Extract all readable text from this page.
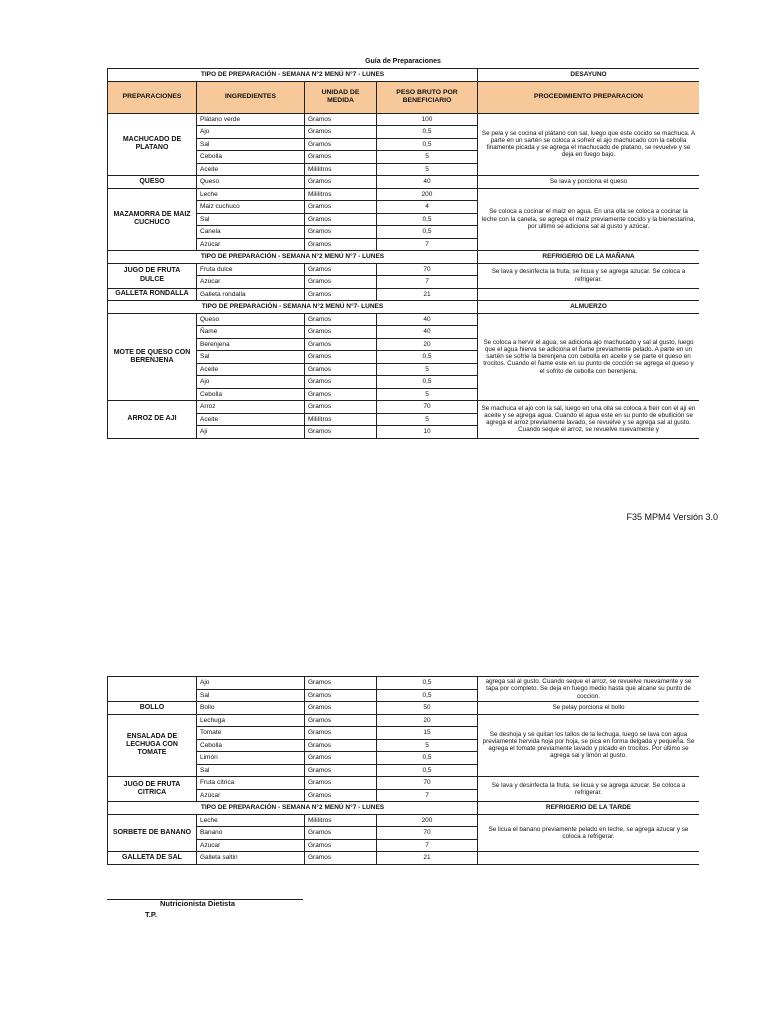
Guía de Preparaciones
TIPO DE PREPARACIÓN - SEMANA N°2 MENÚ N°7 - LUNES				DESAYUNO
PREPARACIONES	INGREDIENTES	UNIDAD DE MEDIDA	PESO BRUTO POR BENEFICIARIO	PROCEDIMIENTO PREPARACION
MACHUCADO DE PLATANO	Plátano verde	Gramos	100	Se pela y se cocina el plátano con sal, luego que este cocido se machuca. A parte en un sartén se coloca a sofreír el ajo machucado con la cebolla finamente picada y se agrega el machucado de platano, se revuelve y se deja en fuego bajo.
	Ajo	Gramos	0,5	
	Sal	Gramos	0,5	
	Cebolla	Gramos	5	
	Aceite	Mililitros	5	
QUESO	Queso	Gramos	40	Se lava y porciona el queso
MAZAMORRA DE MAIZ CUCHUCO	Leche	Mililitros	200	Se coloca a cocinar el maíz en agua. En una olla se coloca a cocinar la leche con la canela, se agrega el maíz previamente cocido y la bienestarina, por ultimo se adiciona sal al gusto y azúcar.
	Maiz cuchuco	Gramos	4	
	Sal	Gramos	0,5	
	Canela	Gramos	0,5	
	Azúcar	Gramos	7	
TIPO DE PREPARACIÓN - SEMANA N°2 MENÚ N°7 - LUNES				REFRIGERIO DE LA MAÑANA
JUGO DE FRUTA DULCE	Fruta dulce	Gramos	70	Se lava y desinfecta la fruta, se licua y se agrega azucar. Se coloca a refrigerar.
	Azúcar	Gramos	7	
GALLETA RONDALLA	Galleta rondalla	Gramos	21	
TIPO DE PREPARACIÓN - SEMANA N°2 MENÚ N°7- LUNES				ALMUERZO
MOTE DE QUESO CON BERENJENA	Queso	Gramos	40	Se coloca a hervir el agua, se adiciona ajo machucado y sal al gusto, luego que el agua hierva se adiciona el ñame previamente pelado. A parte en un sartén se sofríe la berenjena con cebolla en aceite y se parte el queso en trocitos. Cuando el ñame este en su punto de cocción se agrega el queso y el sofrito de cebolla con berenjena.
	Ñame	Gramos	40	
	Berenjena	Gramos	20	
	Sal	Gramos	0,5	
	Aceite	Gramos	5	
	Ajo	Gramos	0,5	
	Cebolla	Gramos	5	
ARROZ DE AJI	Arroz	Gramos	70	Se machuca el ajo con la sal, luego en una olla se coloca a freír con el ají en aceite y se agrega agua. Cuando el agua este en su punto de ebullición se agrega el arroz previamente lavado, se revuelve y se agrega sal al gusto. Cuando seque el arroz, se revuelve nuevamente y
	Aceite	Mililitros	5	
	Aji	Gramos	10	
F35 MPM4 Versión 3.0
	Ajo	Gramos	0,5	agrega sal al gusto. Cuando seque el arroz, se revuelve nuevamente y se tapa por completo. Se deja en fuego medio hasta que alcane su punto de coccion.
	Sal	Gramos	0,5	
BOLLO	Bollo	Gramos	50	Se pelay porciona el bollo
ENSALADA DE LECHUGA CON TOMATE	Lechuga	Gramos	20	Se deshoja y se quitan los tallos de la lechuga, luego se lava con agua previamente hervida hoja por hoja, se pica en forma delgada y pequeña. Se agrega el tomate previamente lavado y picado en trocitos. Por último se agrega sal y limón al gusto.
	Tomate	Gramos	15	
	Cebolla	Gramos	5	
	Limón	Gramos	0,5	
	Sal	Gramos	0,5	
JUGO DE FRUTA CITRICA	Fruta cítrica	Gramos	70	Se lava y desinfecta la fruta, se licua y se agrega azucar. Se coloca a refrigerar.
	Azúcar	Gramos	7	
TIPO DE PREPARACIÓN - SEMANA N°2 MENÚ N°7 - LUNES				REFRIGERIO DE LA TARDE
SORBETE DE BANANO	Leche	Mililitros	200	Se licua el banano previamente pelado en leche, se agrega azucar y se coloca a refrigerar.
	Banano	Gramos	70	
	Azucar	Gramos	7	
GALLETA DE SAL	Galleta saltin	Gramos	21	
Nutricionista Dietista
T.P.
